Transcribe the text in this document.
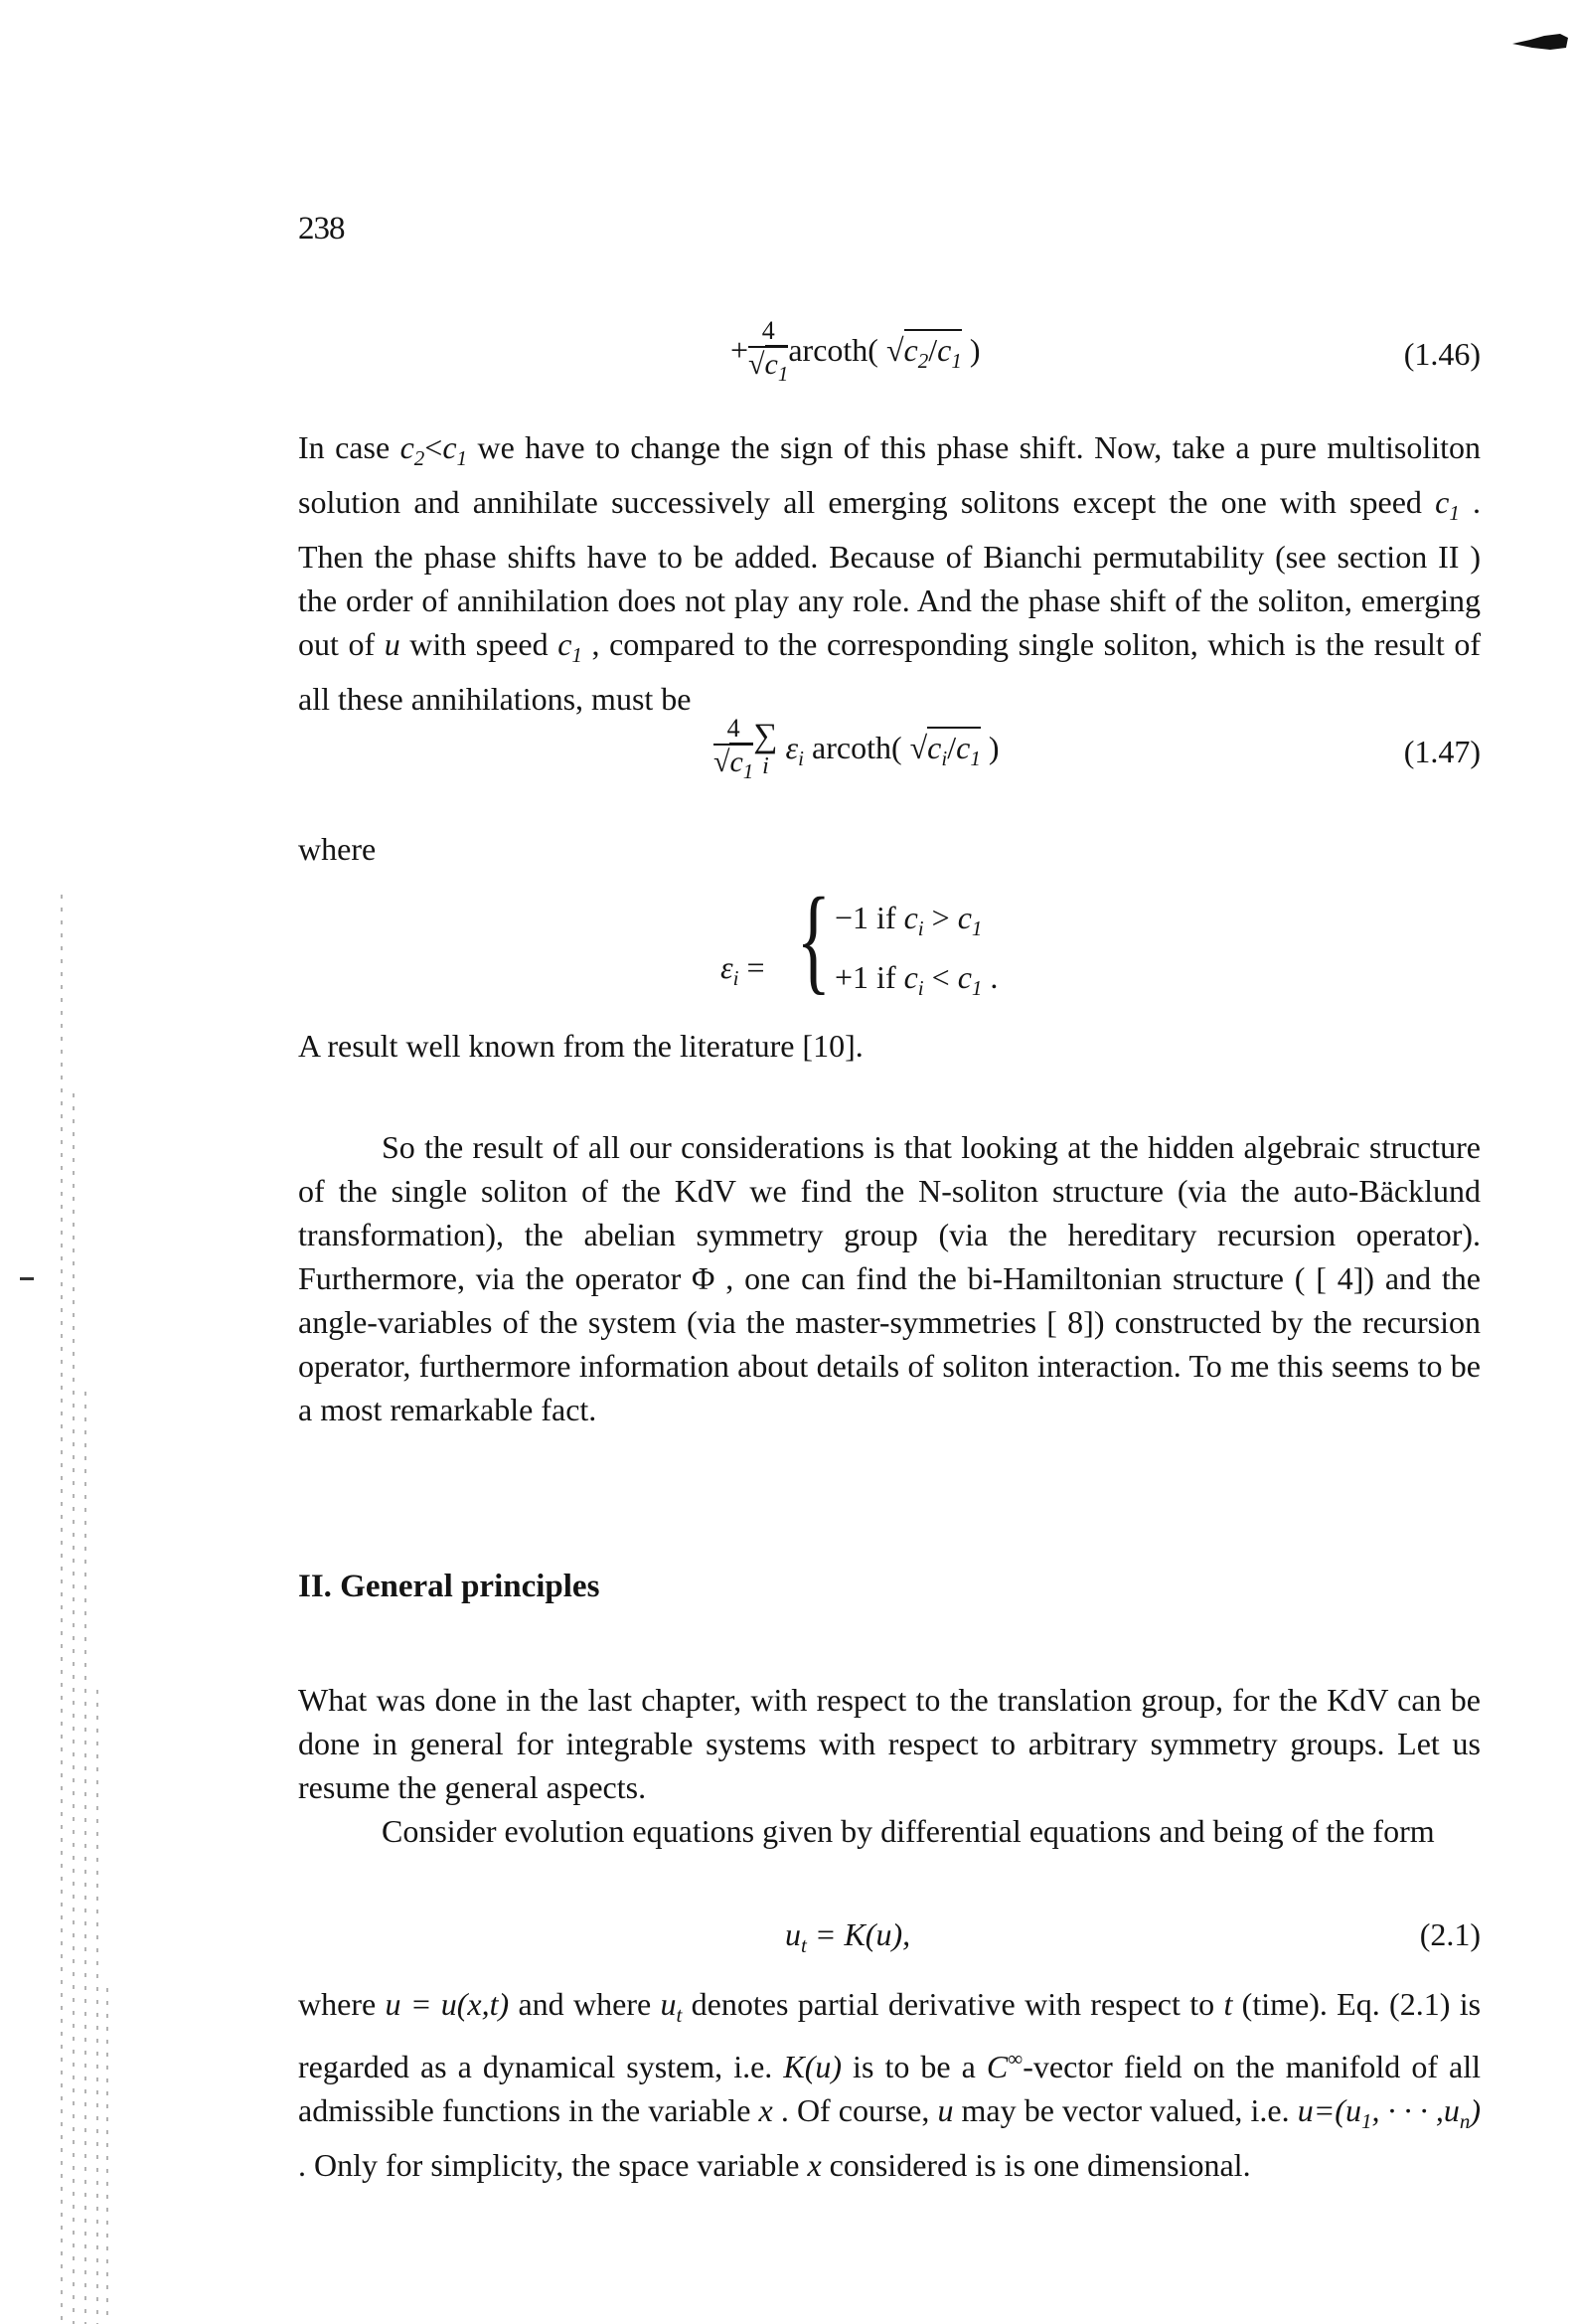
238
+ $\frac{4}{√c_1} arcoth$( $√c_2/c_1$ )	(1.46)
In case $c_2<c_1$ we have to change the sign of this phase shift. Now, take a pure multisoliton solution and annihilate successively all emerging solitons except the one with speed $c_1$ . Then the phase shifts have to be added. Because of Bianchi permutability (see section II ) the order of annihilation does not play any role. And the phase shift of the soliton, emerging out of u with speed $c_1$ , compared to the corresponding single soliton, which is the result of all these annihilations, must be
$\frac{4}{√c_1}$ ∑
i
$\varepsilon_i$ arcoth( $√c_i/c_1$ )	(1.47)
where
$\varepsilon_i$ = { −1 if $c_i > c_1$
+1 if $c_i < c_1$ .
A result well known from the literature [10].
So the result of all our considerations is that looking at the hidden algebraic structure of the single soliton of the KdV we find the N-soliton structure (via the auto-Bäcklund transformation), the abelian symmetry group (via the hereditary recursion operator). Furthermore, via the operator Φ , one can find the bi-Hamiltonian structure ( [ 4]) and the angle-variables of the system (via the master-symmetries [ 8]) constructed by the recursion operator, furthermore information about details of soliton interaction. To me this seems to be a most remarkable fact.
II. General principles
What was done in the last chapter, with respect to the translation group, for the KdV can be done in general for integrable systems with respect to arbitrary symmetry groups. Let us resume the general aspects.
Consider evolution equations given by differential equations and being of the form
$u_t = K(u)$,	(2.1)
where u = u(x,t) and where $u_t$ denotes partial derivative with respect to t (time). Eq. (2.1) is regarded as a dynamical system, i.e. K(u) is to be a C∞-vector field on the manifold of all admissible functions in the variable x . Of course, u may be vector valued, i.e. $u=(u_1$, · · · $,u_n$) . Only for simplicity, the space variable x considered is is one dimensional.
